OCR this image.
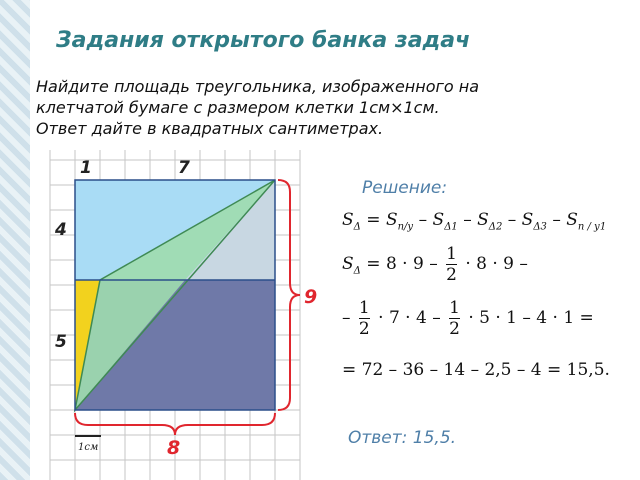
Задания открытого банка задач
Найдите площадь треугольника, изображенного на
клетчатой бумаге с размером клетки 1см×1см.
Ответ дайте в квадратных сантиметрах.
1	7
4
5
9
8
1см
Решение:
$S_\Delta = S_{п/у} - S_{\Delta 1} - S_{\Delta 2} - S_{\Delta 3} - S_{п / у1}$
$S_\Delta = 8 \cdot 9 - \frac{1}{2} \cdot 8 \cdot 9$ –
– $\frac{1}{2} \cdot 7 \cdot 4 - \frac{1}{2} \cdot 5 \cdot 1 - 4 \cdot 1$ =
= 72 – 36 – 14 – 2,5 – 4 = 15,5.
Ответ: 15,5.
